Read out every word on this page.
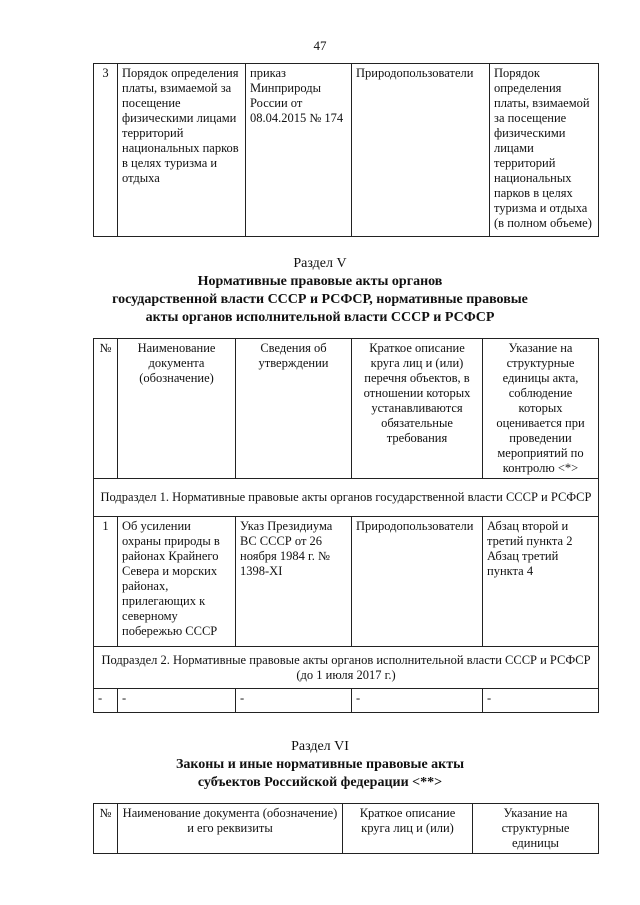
47
3	Порядок определения платы, взимаемой за посещение физическими лицами территорий национальных парков в целях туризма и отдыха	приказ Минприроды России от 08.04.2015 № 174	Природопользователи	Порядок определения платы, взимаемой за посещение физическими лицами территорий национальных парков в целях туризма и отдыха (в полном объеме)
Раздел V
Нормативные правовые акты органов
государственной власти СССР и РСФСР, нормативные правовые
акты органов исполнительной власти СССР и РСФСР
№	Наименование документа (обозначение)	Сведения об утверждении	Краткое описание круга лиц и (или) перечня объектов, в отношении которых устанавливаются обязательные требования	Указание на структурные единицы акта, соблюдение которых оценивается при проведении мероприятий по контролю <*>
Подраздел 1. Нормативные правовые акты органов государственной власти СССР и РСФСР				
1	Об усилении охраны природы в районах Крайнего Севера и морских районах, прилегающих к северному побережью СССР	Указ Президиума ВС СССР от 26 ноября 1984 г. № 1398-XI	Природопользователи	Абзац второй и третий пункта 2 Абзац третий пункта 4
Подраздел 2. Нормативные правовые акты органов исполнительной власти СССР и РСФСР (до 1 июля 2017 г.)				
-	-	-	-	-
Раздел VI
Законы и иные нормативные правовые акты
субъектов Российской федерации <**>
№	Наименование документа (обозначение) и его реквизиты	Краткое описание круга лиц и (или)	Указание на структурные единицы
